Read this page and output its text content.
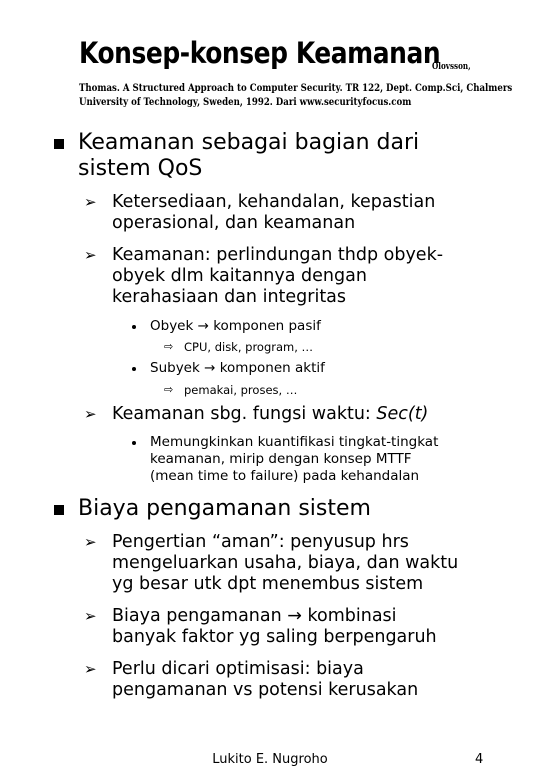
Konsep-konsep Keamanan
Olovsson,
Thomas. A Structured Approach to Computer Security. TR 122, Dept. Comp.Sci, Chalmers
University of Technology, Sweden, 1992. Dari www.securityfocus.com
Keamanan sebagai bagian dari
sistem QoS
➢ Ketersediaan, kehandalan, kepastian
operasional, dan keamanan
➢ Keamanan: perlindungan thdp obyek-
obyek dlm kaitannya dengan
kerahasiaan dan integritas
Obyek → komponen pasif
⇨ CPU, disk, program, …
Subyek → komponen aktif
⇨ pemakai, proses, …
➢ Keamanan sbg. fungsi waktu: Sec(t)
Memungkinkan kuantifikasi tingkat-tingkat
keamanan, mirip dengan konsep MTTF
(mean time to failure) pada kehandalan
Biaya pengamanan sistem
➢ Pengertian “aman”: penyusup hrs
mengeluarkan usaha, biaya, dan waktu
yg besar utk dpt menembus sistem
➢ Biaya pengamanan → kombinasi
banyak faktor yg saling berpengaruh
➢ Perlu dicari optimisasi: biaya
pengamanan vs potensi kerusakan
Lukito E. Nugroho	4
